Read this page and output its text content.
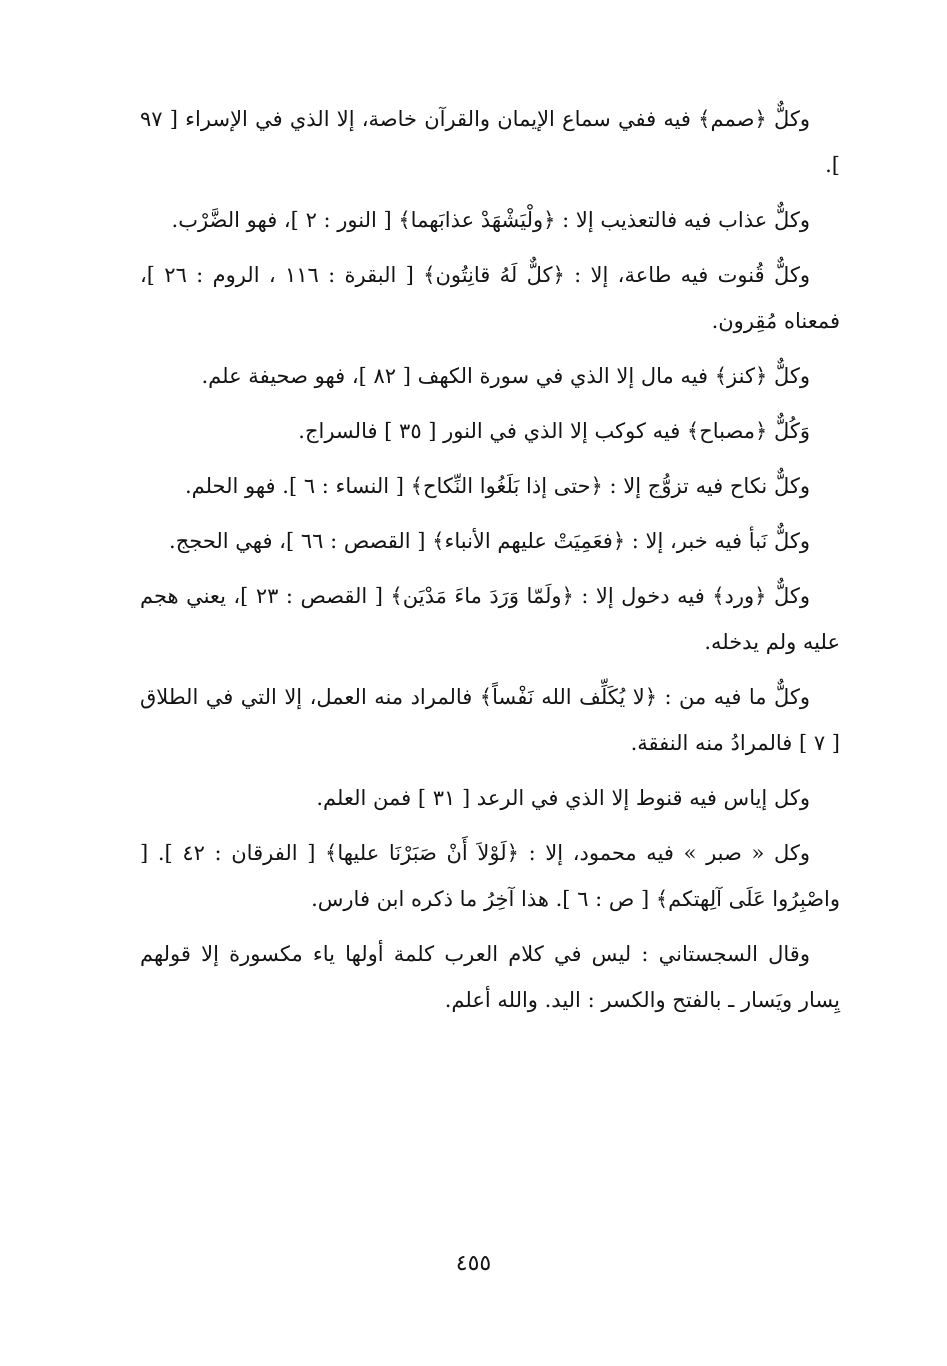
وكلٌّ ﴿صمم﴾ فيه ففي سماع الإيمان والقرآن خاصة، إلا الذي في الإسراء [ ٩٧ ].

وكلٌّ عذاب فيه فالتعذيب إلا : ﴿ولْيَشْهَدْ عذابَهما﴾ [ النور : ٢ ]، فهو الضَّرْب.

وكلٌّ قُنوت فيه طاعة، إلا : ﴿كلٌّ لَهُ قانِتُون﴾ [ البقرة : ١١٦ ، الروم : ٢٦ ]، فمعناه مُقِرون.

وكلٌّ ﴿كنز﴾ فيه مال إلا الذي في سورة الكهف [ ٨٢ ]، فهو صحيفة علم.

وَكُلٌّ ﴿مصباح﴾ فيه كوكب إلا الذي في النور [ ٣٥ ] فالسراج.

وكلٌّ نكاح فيه تزوُّج إلا : ﴿حتى إذا بَلَغُوا النِّكاح﴾ [ النساء : ٦ ]. فهو الحلم.

وكلٌّ نَبأ فيه خبر، إلا : ﴿فعَمِيَتْ عليهم الأنباء﴾ [ القصص : ٦٦ ]، فهي الحجج.

وكلٌّ ﴿ورد﴾ فيه دخول إلا : ﴿ولَمّا وَرَدَ ماءَ مَدْيَن﴾ [ القصص : ٢٣ ]، يعني هجم عليه ولم يدخله.

وكلٌّ ما فيه من : ﴿لا يُكَلِّف الله نَفْساً﴾ فالمراد منه العمل، إلا التي في الطلاق [ ٧ ] فالمرادُ منه النفقة.

وكل إياس فيه قنوط إلا الذي في الرعد [ ٣١ ] فمن العلم.

وكل « صبر » فيه محمود، إلا : ﴿لَوْلاَ أَنْ صَبَرْنَا عليها﴾ [ الفرقان : ٤٢ ]. [ واصْبِرُوا عَلَى آلِهتكم﴾ [ ص : ٦ ]. هذا آخِرُ ما ذكره ابن فارس.

وقال السجستاني : ليس في كلام العرب كلمة أولها ياء مكسورة إلا قولهم يِسار ويَسار ـ بالفتح والكسر : اليد. والله أعلم.

٤٥٥
